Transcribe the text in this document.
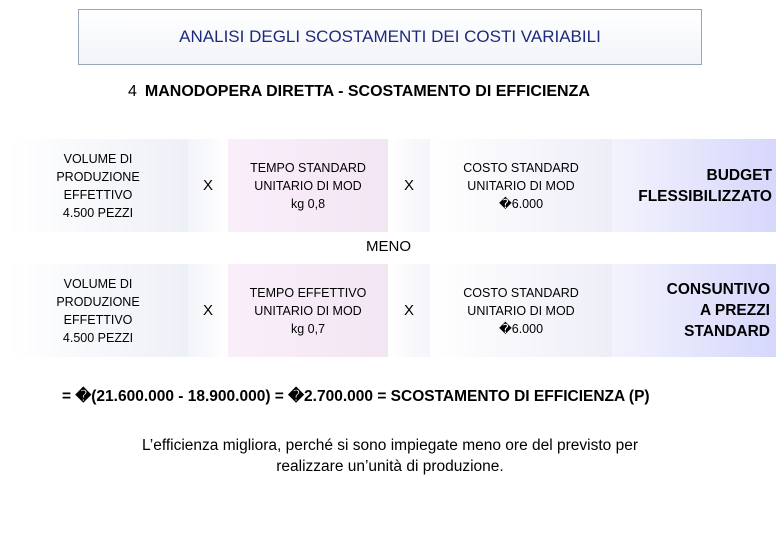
ANALISI DEGLI SCOSTAMENTI DEI COSTI VARIABILI
4 MANODOPERA DIRETTA - SCOSTAMENTO DI EFFICIENZA
VOLUME DI
PRODUZIONE
EFFETTIVO
4.500 PEZZI
X
TEMPO STANDARD
UNITARIO DI MOD
kg 0,8
X
COSTO STANDARD
UNITARIO DI MOD
�6.000
BUDGET
FLESSIBILIZZATO
MENO
VOLUME DI
PRODUZIONE
EFFETTIVO
4.500 PEZZI
X
TEMPO EFFETTIVO
UNITARIO DI MOD
kg 0,7
X
COSTO STANDARD
UNITARIO DI MOD
�6.000
CONSUNTIVO
A PREZZI
STANDARD
= �(21.600.000 - 18.900.000) = �2.700.000 = SCOSTAMENTO DI EFFICIENZA (P)
L’efficienza migliora, perché si sono impiegate meno ore del previsto per
realizzare un’unità di produzione.
